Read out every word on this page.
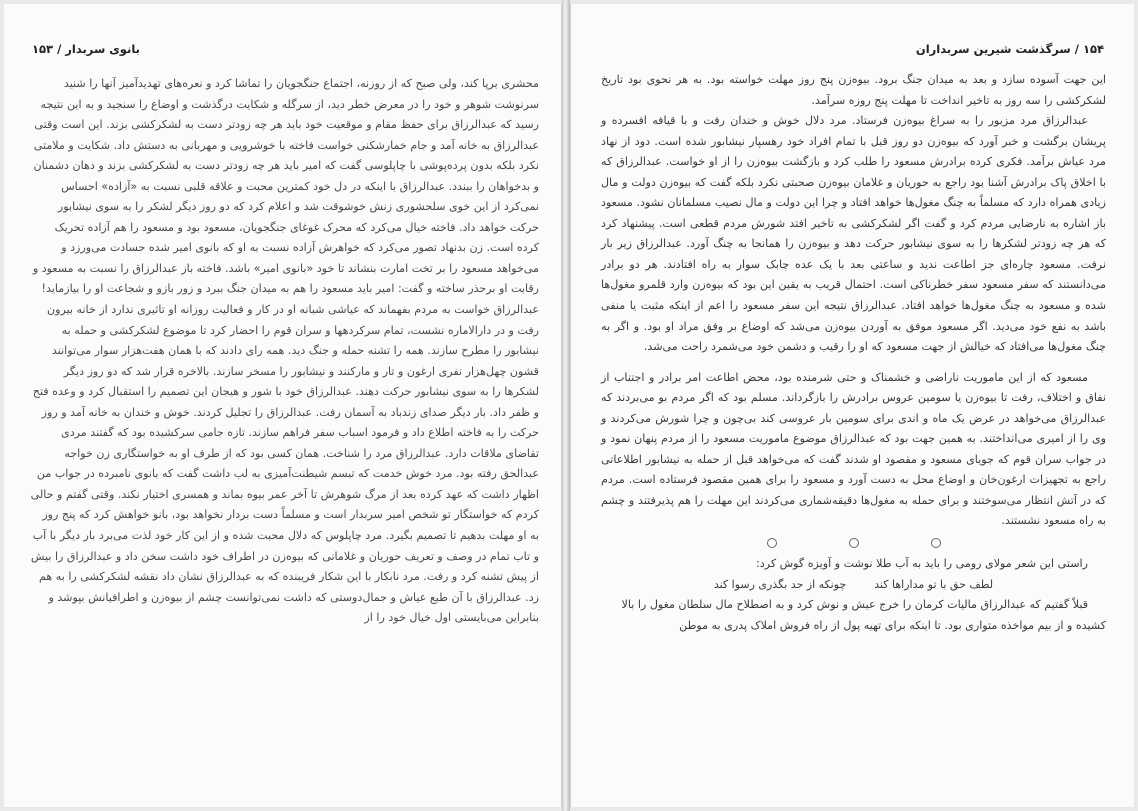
بانوی سربدار / ۱۵۳

محشری برپا کند، ولی صبح که از روزنه، اجتماع جنگجویان را تماشا کرد و نعره‌های تهدیدآمیز آنها را شنید سرنوشت شوهر و خود را در معرض خطر دید، از سرگله و شکایت درگذشت و اوضاع را سنجید و به این نتیجه رسید که عبدالرزاق برای حفظ مقام و موقعیت خود باید هر چه زودتر دست به لشکرکشی بزند. این است وقتی عبدالرزاق به خانه آمد و جام خمارشکنی خواست فاخته با خوشرویی و مهربانی به دستش داد. شکایت و ملامتی نکرد بلکه بدون پرده‌پوشی با چاپلوسی گفت که امیر باید هر چه زودتر دست به لشکرکشی بزند و دهان دشمنان و بدخواهان را ببندد. عبدالرزاق با اینکه در دل خود کمترین محبت و علاقه قلبی نسبت به «آزاده» احساس نمی‌کرد از این خوی سلحشوری زنش خوشوقت شد و اعلام کرد که دو روز دیگر لشکر را به سوی نیشابور حرکت خواهد داد. فاخته خیال می‌کرد که محرک غوغای جنگجویان، مسعود بود و مسعود را هم آزاده تحریک کرده است. زن بدنهاد تصور می‌کرد که خواهرش آزاده نسبت به او که بانوی امیر شده حسادت می‌ورزد و می‌خواهد مسعود را بر تخت امارت بنشاند تا خود «بانوی امیر» باشد. فاخته باز عبدالرزاق را نسبت به مسعود و رقابت او برحذر ساخته و گفت: امیر باید مسعود را هم به میدان جنگ ببرد و زور بازو و شجاعت او را بیازماید! عبدالرزاق خواست به مردم بفهماند که عیاشی شبانه او در کار و فعالیت روزانه او تاثیری ندارد از خانه بیرون رفت و در دارالاماره نشست، تمام سرکردهها و سران قوم را احضار کرد تا موضوع لشکرکشی و حمله به نیشابور را مطرح سازند. همه را تشنه حمله و جنگ دید. همه رای دادند که با همان هفت‌هزار سوار می‌توانند قشون چهل‌هزار نفری ارغون و تار و مارکنند و نیشابور را مسخر سازند. بالاخره قرار شد که دو روز دیگر لشکرها را به سوی نیشابور حرکت دهند. عبدالرزاق خود با شور و هیجان این تصمیم را استقبال کرد و وعده فتح و ظفر داد. بار دیگر صدای زندباد به آسمان رفت. عبدالرزاق را تجلیل کردند. خوش و خندان به خانه آمد و روز حرکت را به فاخته اطلاع داد و فرمود اسباب سفر فراهم سازند. تازه جامی سرکشیده بود که گفتند مردی تقاضای ملاقات دارد. عبدالرزاق مرد را شناخت. همان کسی بود که از طرف او به خواستگاری زن خواجه عبدالحق رفته بود. مرد خوش خدمت که تبسم شیطنت‌آمیزی به لب داشت گفت که بانوی نامبرده در جواب من اظهار داشت که عهد کرده بعد از مرگ شوهرش تا آخر عمر بیوه بماند و همسری اختیار نکند. وقتی گفتم و حالی کردم که خواستگار تو شخص امیر سربدار است و مسلماً دست بردار نخواهد بود، بانو خواهش کرد که پنج روز به او مهلت بدهیم تا تصمیم بگیرد. مرد چاپلوس که دلال محبت شده و از این کار خود لذت می‌برد بار دیگر با آب و تاب تمام در وصف و تعریف حوریان و غلامانی که بیوه‌زن در اطراف خود داشت سخن داد و عبدالرزاق را بیش از پیش تشنه کرد و رفت. مرد نابکار با این شکار فریبنده که به عبدالرزاق نشان داد نقشه لشکرکشی را به هم زد. عبدالرزاق با آن طبع عیاش و جمال‌دوستی که داشت نمی‌توانست چشم از بیوه‌زن و اطرافیانش بپوشد و بنابراین می‌بایستی اول خیال خود را از

۱۵۴ / سرگذشت شیرین سربداران

این جهت آسوده سازد و بعد به میدان جنگ برود. بیوه‌زن پنج روز مهلت خواسته بود. به هر نحوی بود تاریخ لشکرکشی را سه روز به تاخیر انداخت تا مهلت پنج روزه سرآمد.

عبدالرزاق مرد مزبور را به سراغ بیوه‌زن فرستاد. مرد دلال خوش و خندان رفت و با قیافه افسرده و پریشان برگشت و خبر آورد که بیوه‌زن دو روز قبل با تمام افراد خود رهسپار نیشابور شده است. دود از نهاد مرد عیاش برآمد. فکری کرده برادرش مسعود را طلب کرد و بازگشت بیوه‌زن را از او خواست. عبدالرزاق که با اخلاق پاک برادرش آشنا بود راجع به حوریان و غلامان بیوه‌زن صحبتی نکرد بلکه گفت که بیوه‌زن دولت و مال زیادی همراه دارد که مسلماً به چنگ مغول‌ها خواهد افتاد و چرا این دولت و مال نصیب مسلمانان نشود. مسعود باز اشاره به نارضایی مردم کرد و گفت اگر لشکرکشی به تاخیر افتد شورش مردم قطعی است. پیشنهاد کرد که هر چه زودتر لشکرها را به سوی نیشابور حرکت دهد و بیوه‌زن را همانجا به چنگ آورد. عبدالرزاق زیر بار نرفت. مسعود چاره‌ای جز اطاعت ندید و ساعتی بعد با یک عده چابک سوار به راه افتادند. هر دو برادر می‌دانستند که سفر مسعود سفر خطرناکی است. احتمال قریب به یقین این بود که بیوه‌زن وارد قلمرو مغول‌ها شده و مسعود به چنگ مغول‌ها خواهد افتاد. عبدالرزاق نتیجه این سفر مسعود را اعم از اینکه مثبت یا منفی باشد به نفع خود می‌دید. اگر مسعود موفق به آوردن بیوه‌زن می‌شد که اوضاع بر وفق مراد او بود. و اگر به چنگ مغول‌ها می‌افتاد که خیالش از جهت مسعود که او را رقیب و دشمن خود می‌شمرد راحت می‌شد.

مسعود که از این ماموریت ناراضی و خشمناک و حتی شرمنده بود، محض اطاعت امر برادر و اجتناب از نفاق و اختلاف، رفت تا بیوه‌زن یا سومین عروس برادرش را بازگرداند. مسلم بود که اگر مردم بو می‌بردند که عبدالرزاق می‌خواهد در عرض یک ماه و اندی برای سومین بار عروسی کند بی‌چون و چرا شورش می‌کردند و وی را از امیری می‌انداختند. به همین جهت بود که عبدالرزاق موضوع ماموریت مسعود را از مردم پنهان نمود و در جواب سران قوم که جویای مسعود و مقصود او شدند گفت که می‌خواهد قبل از حمله به نیشابور اطلاعاتی راجع به تجهیزات ارغون‌خان و اوضاع محل به دست آورد و مسعود را برای همین مقصود فرستاده است. مردم که در آتش انتظار می‌سوختند و برای حمله به مغول‌ها دقیقه‌شماری می‌کردند این مهلت را هم پذیرفتند و چشم به راه مسعود نشستند.

راستی این شعر مولای رومی را باید به آب طلا نوشت و آویزه گوش کرد:

لطف حق با تو مداراها کندچونکه از حد بگذری رسوا کند

قبلاً گفتیم که عبدالرزاق مالیات کرمان را خرج عیش و نوش کرد و به اصطلاح مال سلطان مغول را بالا کشیده و از بیم مواخذه متواری بود. تا اینکه برای تهیه پول از راه فروش املاک پدری به موطن
